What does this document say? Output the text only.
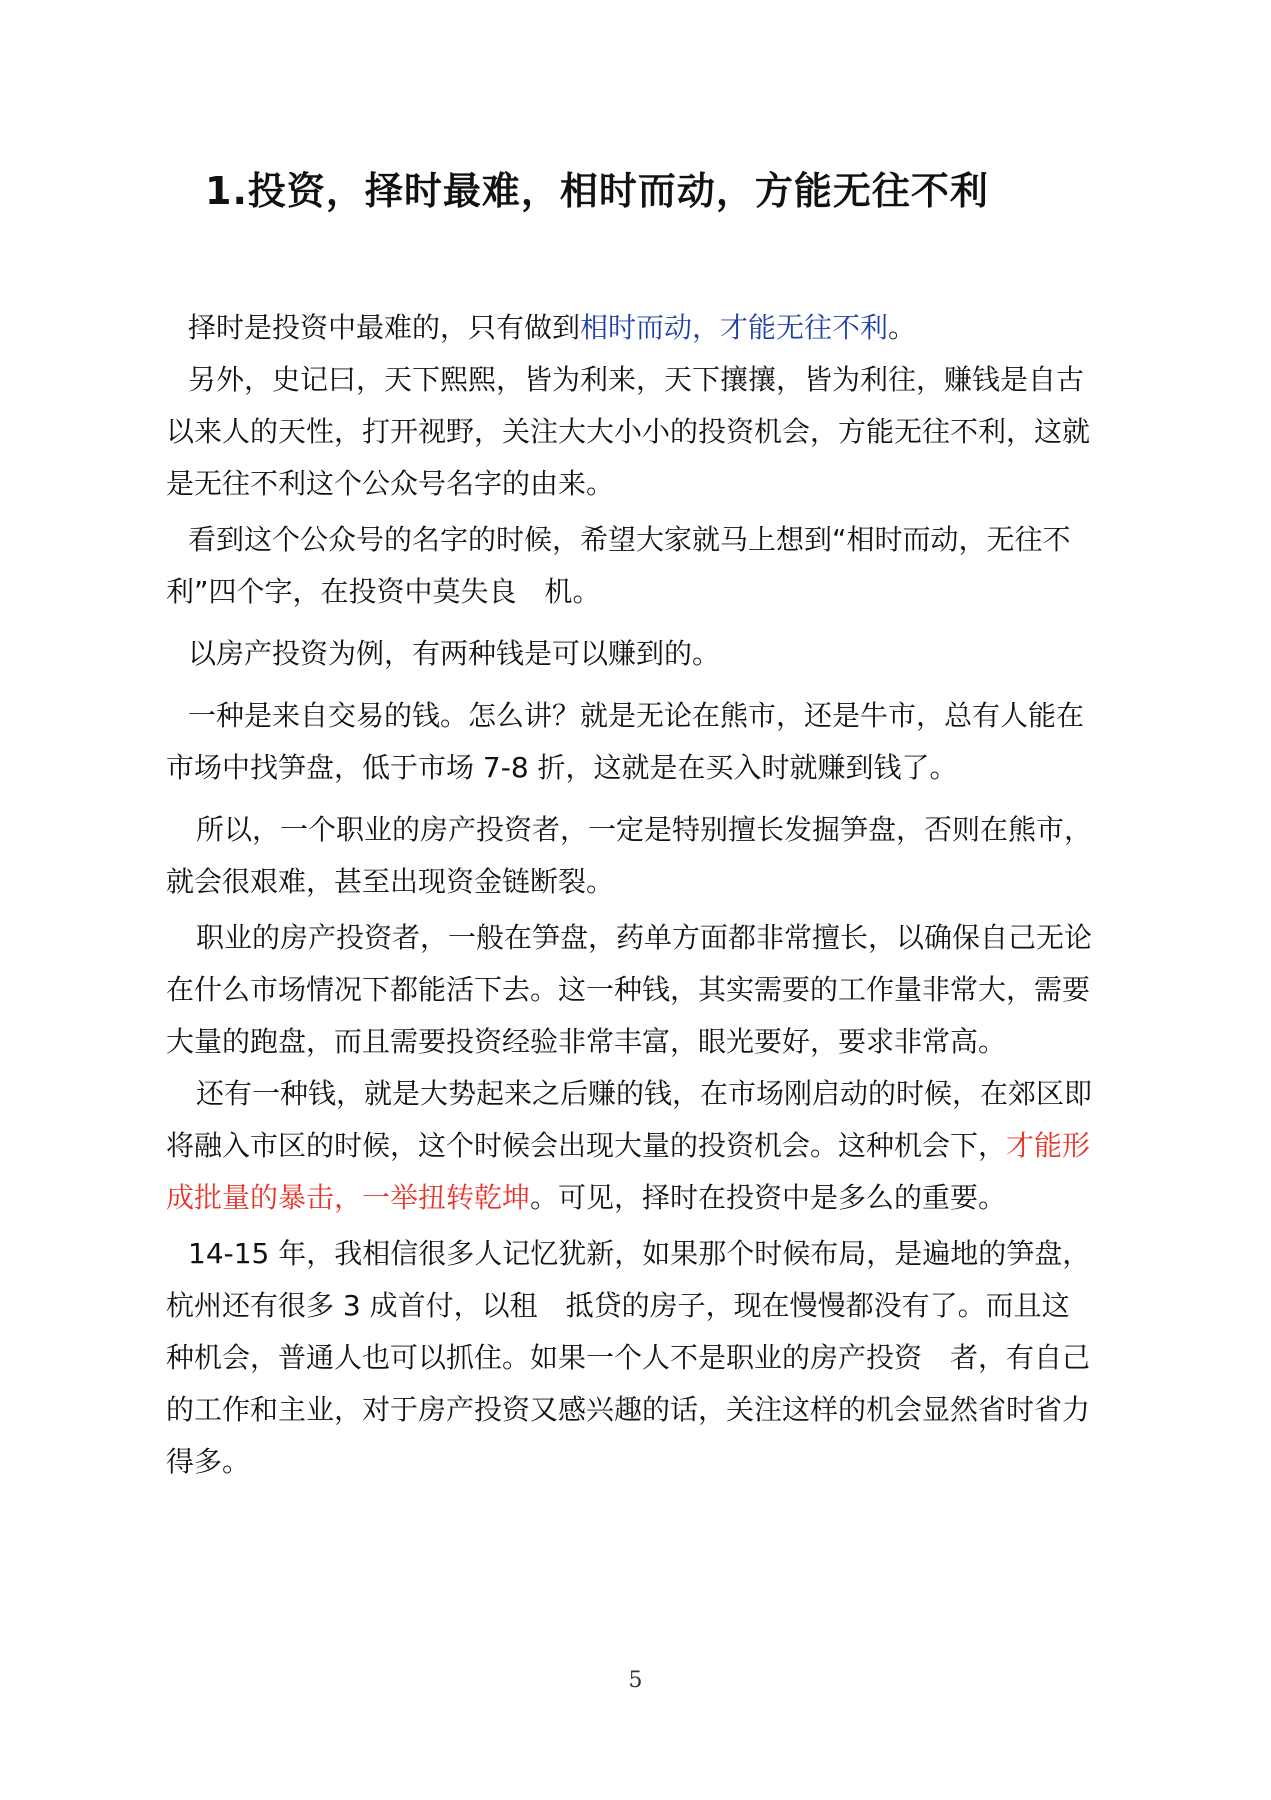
1.投资，择时最难，相时而动，方能无往不利

择时是投资中最难的，只有做到相时而动，才能无往不利。

另外，史记曰，天下熙熙，皆为利来，天下攘攘，皆为利往，赚钱是自古以来人的天性，打开视野，关注大大小小的投资机会，方能无往不利，这就是无往不利这个公众号名字的由来。

看到这个公众号的名字的时候，希望大家就马上想到“相时而动，无往不利”四个字，在投资中莫失良　机。

以房产投资为例，有两种钱是可以赚到的。

一种是来自交易的钱。怎么讲？就是无论在熊市，还是牛市，总有人能在市场中找笋盘，低于市场 7-8 折，这就是在买入时就赚到钱了。

所以，一个职业的房产投资者，一定是特别擅长发掘笋盘，否则在熊市，就会很艰难，甚至出现资金链断裂。

职业的房产投资者，一般在笋盘，药单方面都非常擅长，以确保自己无论在什么市场情况下都能活下去。这一种钱，其实需要的工作量非常大，需要大量的跑盘，而且需要投资经验非常丰富，眼光要好，要求非常高。

还有一种钱，就是大势起来之后赚的钱，在市场刚启动的时候，在郊区即将融入市区的时候，这个时候会出现大量的投资机会。这种机会下，才能形成批量的暴击，一举扭转乾坤。可见，择时在投资中是多么的重要。

14-15 年，我相信很多人记忆犹新，如果那个时候布局，是遍地的笋盘，杭州还有很多 3 成首付，以租　抵贷的房子，现在慢慢都没有了。而且这种机会，普通人也可以抓住。如果一个人不是职业的房产投资　者，有自己的工作和主业，对于房产投资又感兴趣的话，关注这样的机会显然省时省力得多。

5
